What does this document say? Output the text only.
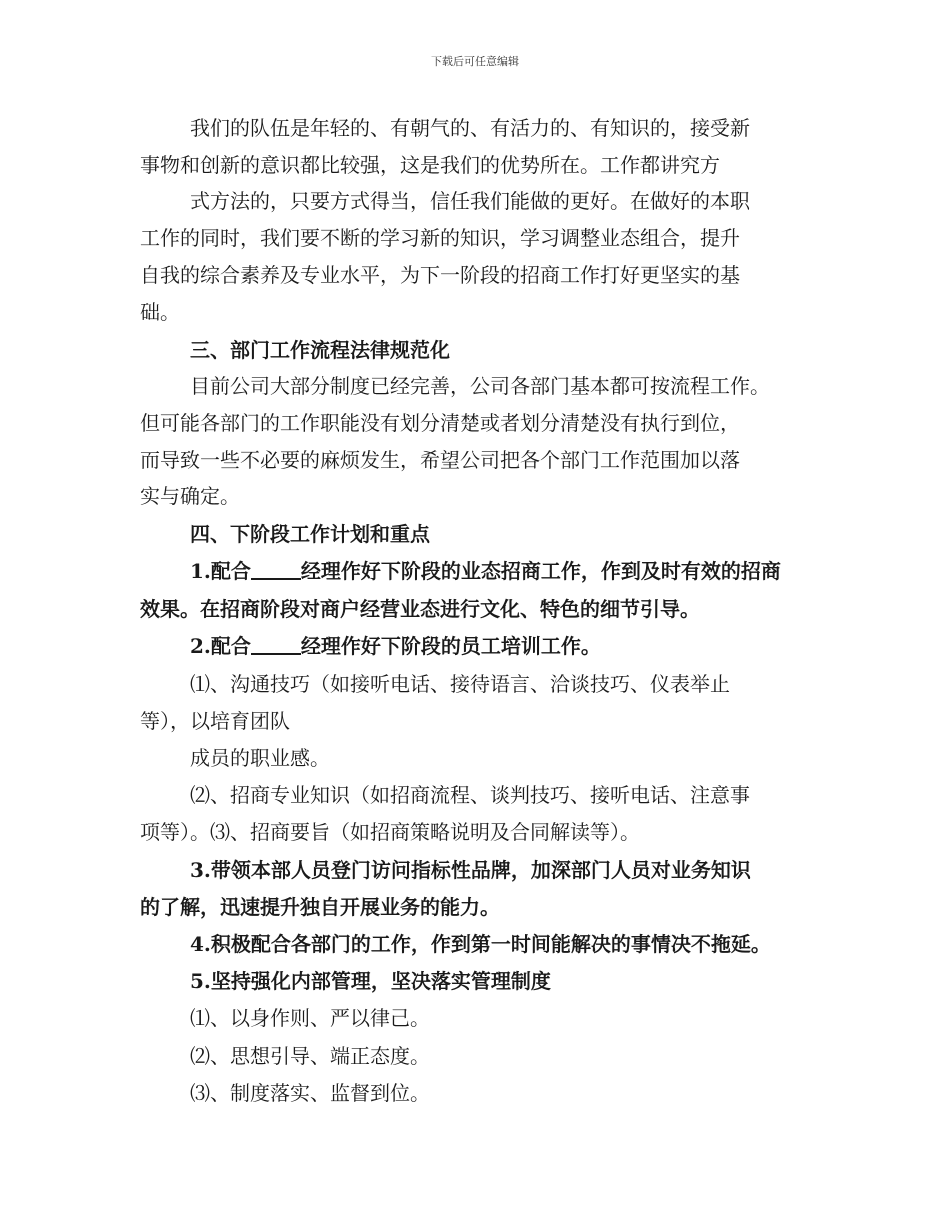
下载后可任意编辑
我们的队伍是年轻的、有朝气的、有活力的、有知识的，接受新
事物和创新的意识都比较强，这是我们的优势所在。工作都讲究方
式方法的，只要方式得当，信任我们能做的更好。在做好的本职
工作的同时，我们要不断的学习新的知识，学习调整业态组合，提升
自我的综合素养及专业水平，为下一阶段的招商工作打好更坚实的基
础。
三、部门工作流程法律规范化
目前公司大部分制度已经完善，公司各部门基本都可按流程工作。
但可能各部门的工作职能没有划分清楚或者划分清楚没有执行到位，
而导致一些不必要的麻烦发生，希望公司把各个部门工作范围加以落
实与确定。
四、下阶段工作计划和重点
1.配合	经理作好下阶段的业态招商工作，作到及时有效的招商
效果。在招商阶段对商户经营业态进行文化、特色的细节引导。
2.配合	经理作好下阶段的员工培训工作。
⑴、沟通技巧（如接听电话、接待语言、洽谈技巧、仪表举止
等），以培育团队
成员的职业感。
⑵、招商专业知识（如招商流程、谈判技巧、接听电话、注意事
项等）。⑶、招商要旨（如招商策略说明及合同解读等）。
3.带领本部人员登门访问指标性品牌，加深部门人员对业务知识
的了解，迅速提升独自开展业务的能力。
4.积极配合各部门的工作，作到第一时间能解决的事情决不拖延。
5.坚持强化内部管理，坚决落实管理制度
⑴、以身作则、严以律己。
⑵、思想引导、端正态度。
⑶、制度落实、监督到位。
